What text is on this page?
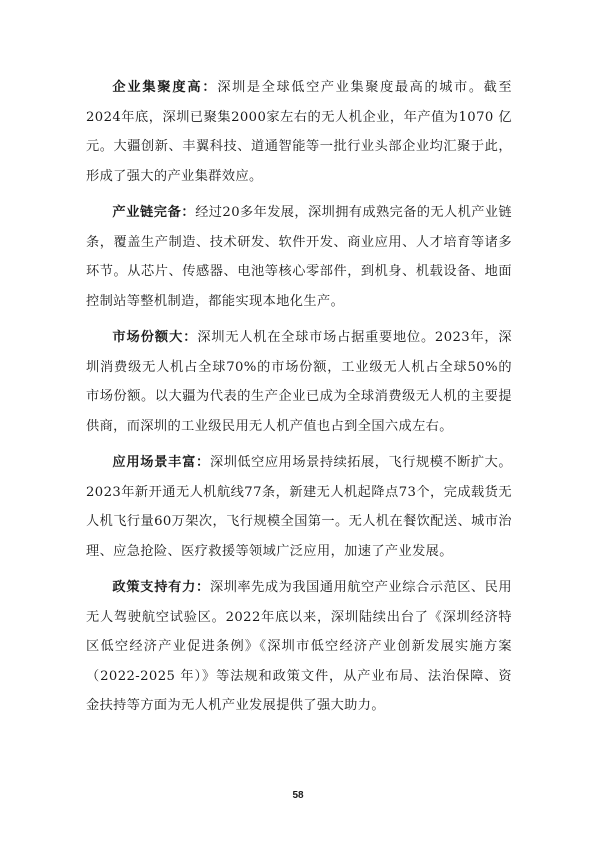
企业集聚度高：深圳是全球低空产业集聚度最高的城市。截至2024年底，深圳已聚集2000家左右的无人机企业，年产值为1070 亿元。大疆创新、丰翼科技、道通智能等一批行业头部企业均汇聚于此，形成了强大的产业集群效应。

产业链完备：经过20多年发展，深圳拥有成熟完备的无人机产业链条，覆盖生产制造、技术研发、软件开发、商业应用、人才培育等诸多环节。从芯片、传感器、电池等核心零部件，到机身、机载设备、地面控制站等整机制造，都能实现本地化生产。

市场份额大：深圳无人机在全球市场占据重要地位。2023年，深圳消费级无人机占全球70%的市场份额，工业级无人机占全球50%的市场份额。以大疆为代表的生产企业已成为全球消费级无人机的主要提供商，而深圳的工业级民用无人机产值也占到全国六成左右。

应用场景丰富：深圳低空应用场景持续拓展，飞行规模不断扩大。2023年新开通无人机航线77条，新建无人机起降点73个，完成载货无人机飞行量60万架次，飞行规模全国第一。无人机在餐饮配送、城市治理、应急抢险、医疗救援等领域广泛应用，加速了产业发展。

政策支持有力：深圳率先成为我国通用航空产业综合示范区、民用无人驾驶航空试验区。2022年底以来，深圳陆续出台了《深圳经济特区低空经济产业促进条例》《深圳市低空经济产业创新发展实施方案（2022-2025 年）》等法规和政策文件，从产业布局、法治保障、资金扶持等方面为无人机产业发展提供了强大助力。

58
